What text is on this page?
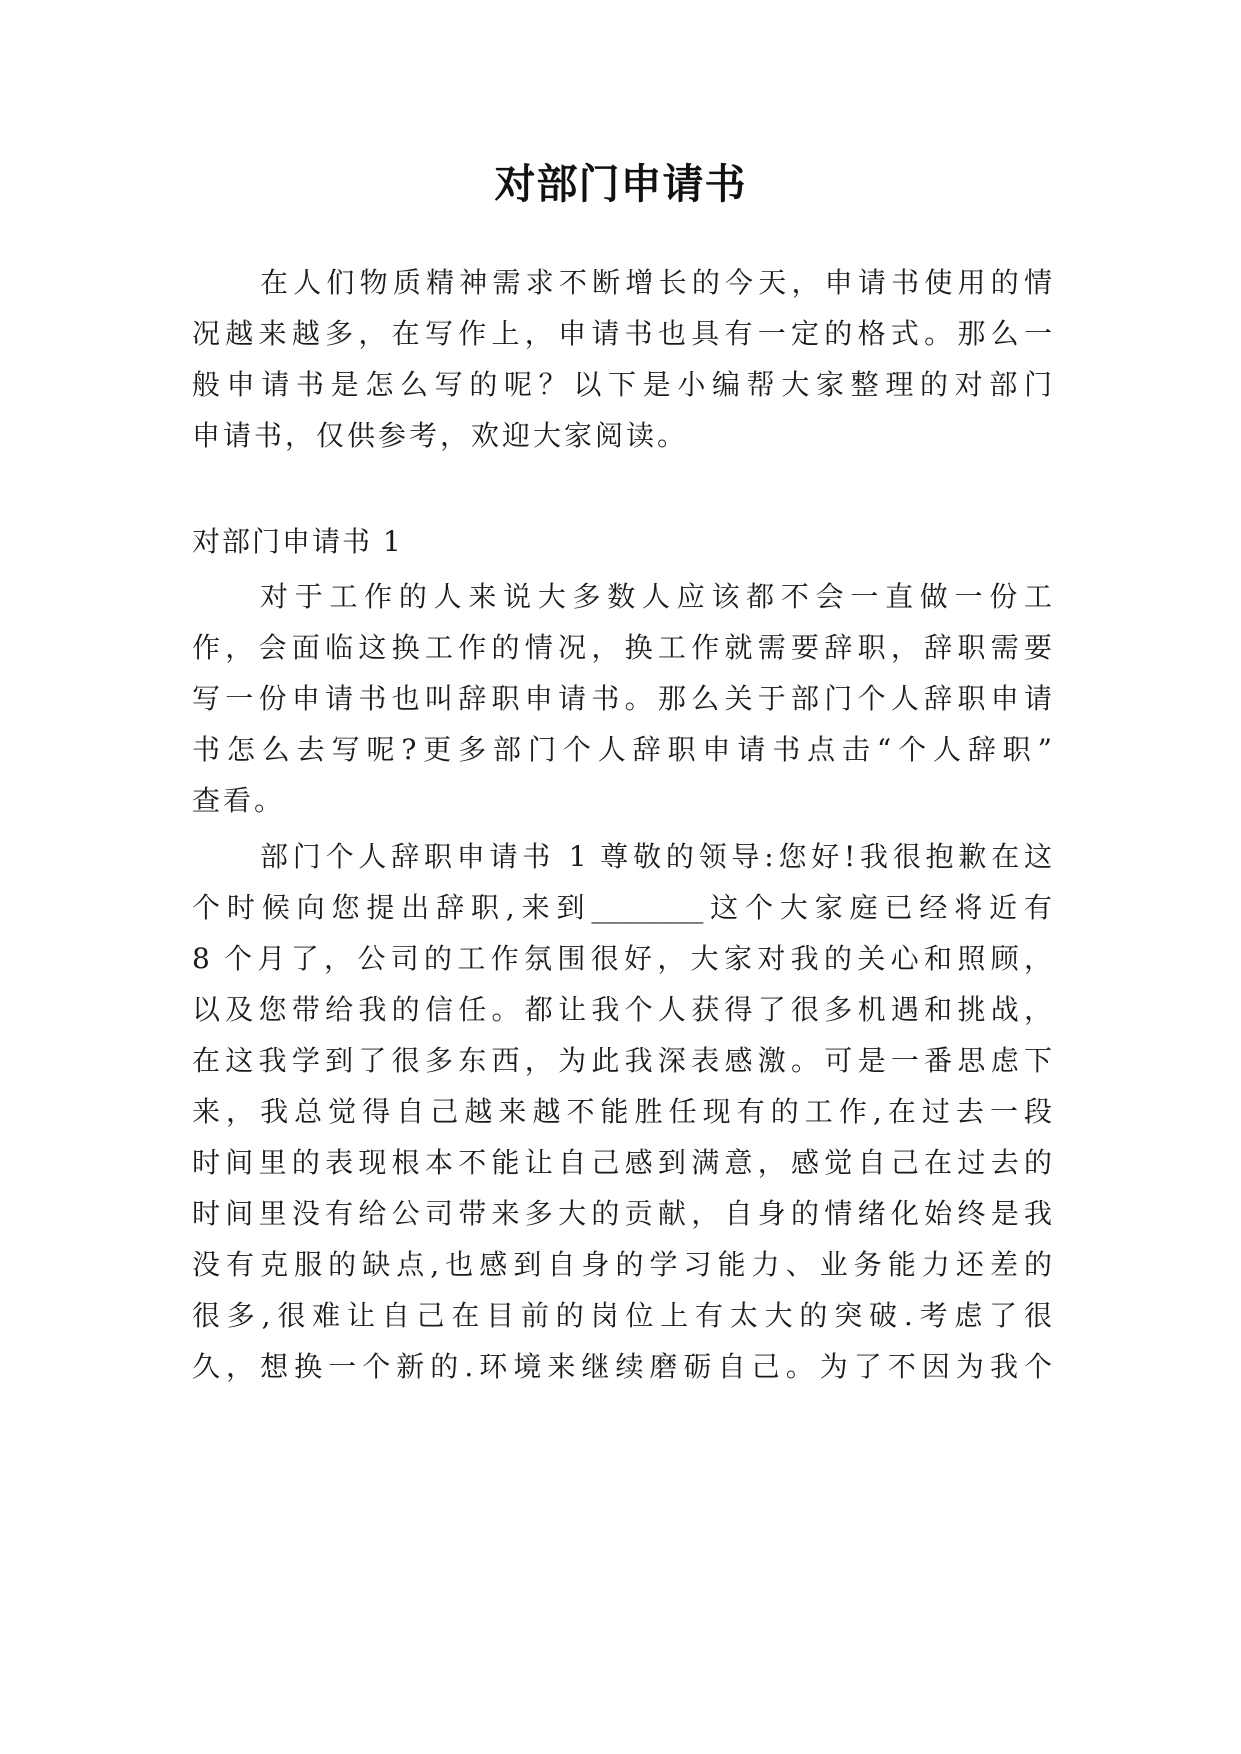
对部门申请书
在人们物质精神需求不断增长的今天，申请书使用的情
况越来越多，在写作上，申请书也具有一定的格式。那么一
般申请书是怎么写的呢？以下是小编帮大家整理的对部门
申请书，仅供参考，欢迎大家阅读。
对部门申请书 1
对于工作的人来说大多数人应该都不会一直做一份工
作，会面临这换工作的情况，换工作就需要辞职，辞职需要
写一份申请书也叫辞职申请书。那么关于部门个人辞职申请
书怎么去写呢?更多部门个人辞职申请书点击“个人辞职”
查看。
部门个人辞职申请书 1 尊敬的领导:您好!我很抱歉在这
个时候向您提出辞职,来到________这个大家庭已经将近有
8 个月了，公司的工作氛围很好，大家对我的关心和照顾，
以及您带给我的信任。都让我个人获得了很多机遇和挑战，
在这我学到了很多东西，为此我深表感激。可是一番思虑下
来，我总觉得自己越来越不能胜任现有的工作,在过去一段
时间里的表现根本不能让自己感到满意，感觉自己在过去的
时间里没有给公司带来多大的贡献，自身的情绪化始终是我
没有克服的缺点,也感到自身的学习能力、业务能力还差的
很多,很难让自己在目前的岗位上有太大的突破.考虑了很
久，想换一个新的.环境来继续磨砺自己。为了不因为我个
